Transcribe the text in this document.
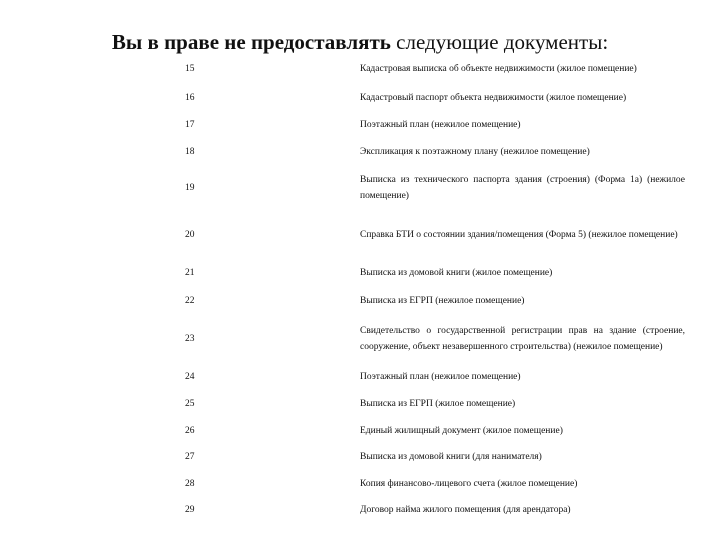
Вы в праве не предоставлять следующие документы:
15	Кадастровая выписка об объекте недвижимости (жилое помещение)
16	Кадастровый паспорт объекта недвижимости (жилое помещение)
17	Поэтажный план (нежилое помещение)
18	Экспликация к поэтажному плану (нежилое помещение)
19	Выписка из технического паспорта здания (строения) (Форма 1а) (нежилое помещение)
20	Справка БТИ о состоянии здания/помещения (Форма 5) (нежилое помещение)
21	Выписка из домовой книги (жилое помещение)
22	Выписка из ЕГРП (нежилое помещение)
23	Свидетельство о государственной регистрации прав на здание (строение, сооружение, объект незавершенного строительства) (нежилое помещение)
24	Поэтажный план (нежилое помещение)
25	Выписка из ЕГРП (жилое помещение)
26	Единый жилищный документ (жилое помещение)
27	Выписка из домовой книги (для нанимателя)
28	Копия финансово-лицевого счета (жилое помещение)
29	Договор найма жилого помещения (для арендатора)
